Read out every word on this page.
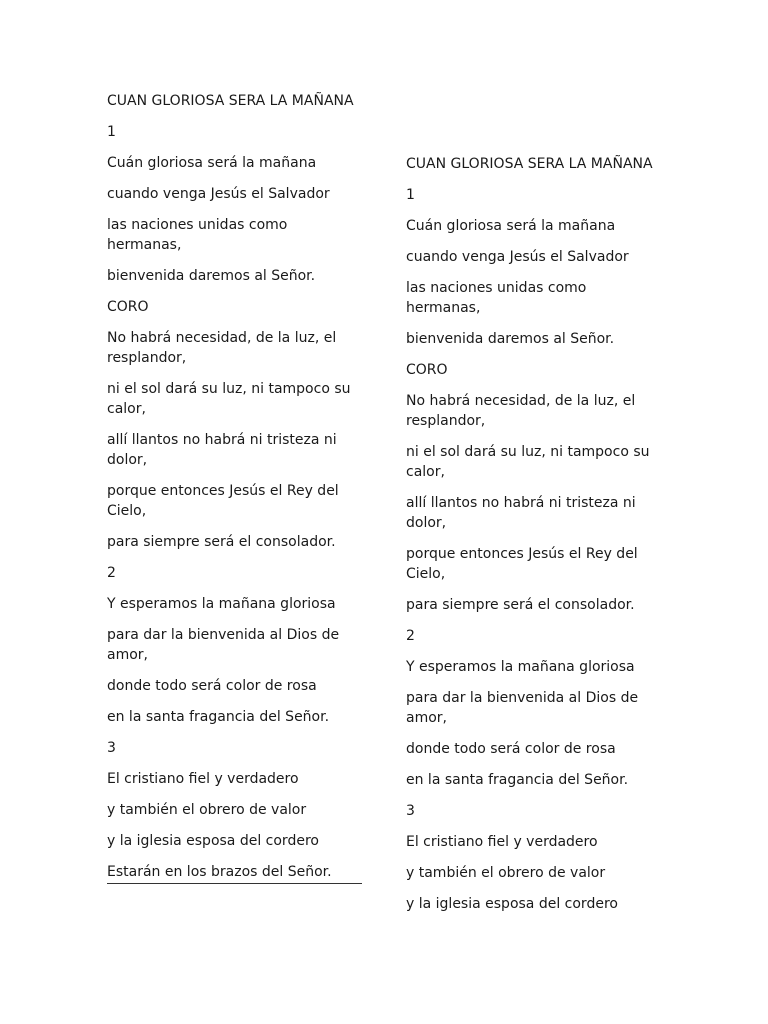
CUAN GLORIOSA SERA LA MAÑANA

1

Cuán gloriosa será la mañana

cuando venga Jesús el Salvador

las naciones unidas como hermanas,

bienvenida daremos al Señor.

CORO

No habrá necesidad, de la luz, el resplandor,

ni el sol dará su luz, ni tampoco su calor,

allí llantos no habrá ni tristeza ni dolor,

porque entonces Jesús el Rey del Cielo,

para siempre será el consolador.

2

Y esperamos la mañana gloriosa

para dar la bienvenida al Dios de amor,

donde todo será color de rosa

en la santa fragancia del Señor.

3

El cristiano fiel y verdadero

y también el obrero de valor

y la iglesia esposa del cordero

Estarán en los brazos del Señor.

CUAN GLORIOSA SERA LA MAÑANA

1

Cuán gloriosa será la mañana

cuando venga Jesús el Salvador

las naciones unidas como hermanas,

bienvenida daremos al Señor.

CORO

No habrá necesidad, de la luz, el resplandor,

ni el sol dará su luz, ni tampoco su calor,

allí llantos no habrá ni tristeza ni dolor,

porque entonces Jesús el Rey del Cielo,

para siempre será el consolador.

2

Y esperamos la mañana gloriosa

para dar la bienvenida al Dios de amor,

donde todo será color de rosa

en la santa fragancia del Señor.

3

El cristiano fiel y verdadero

y también el obrero de valor

y la iglesia esposa del cordero
